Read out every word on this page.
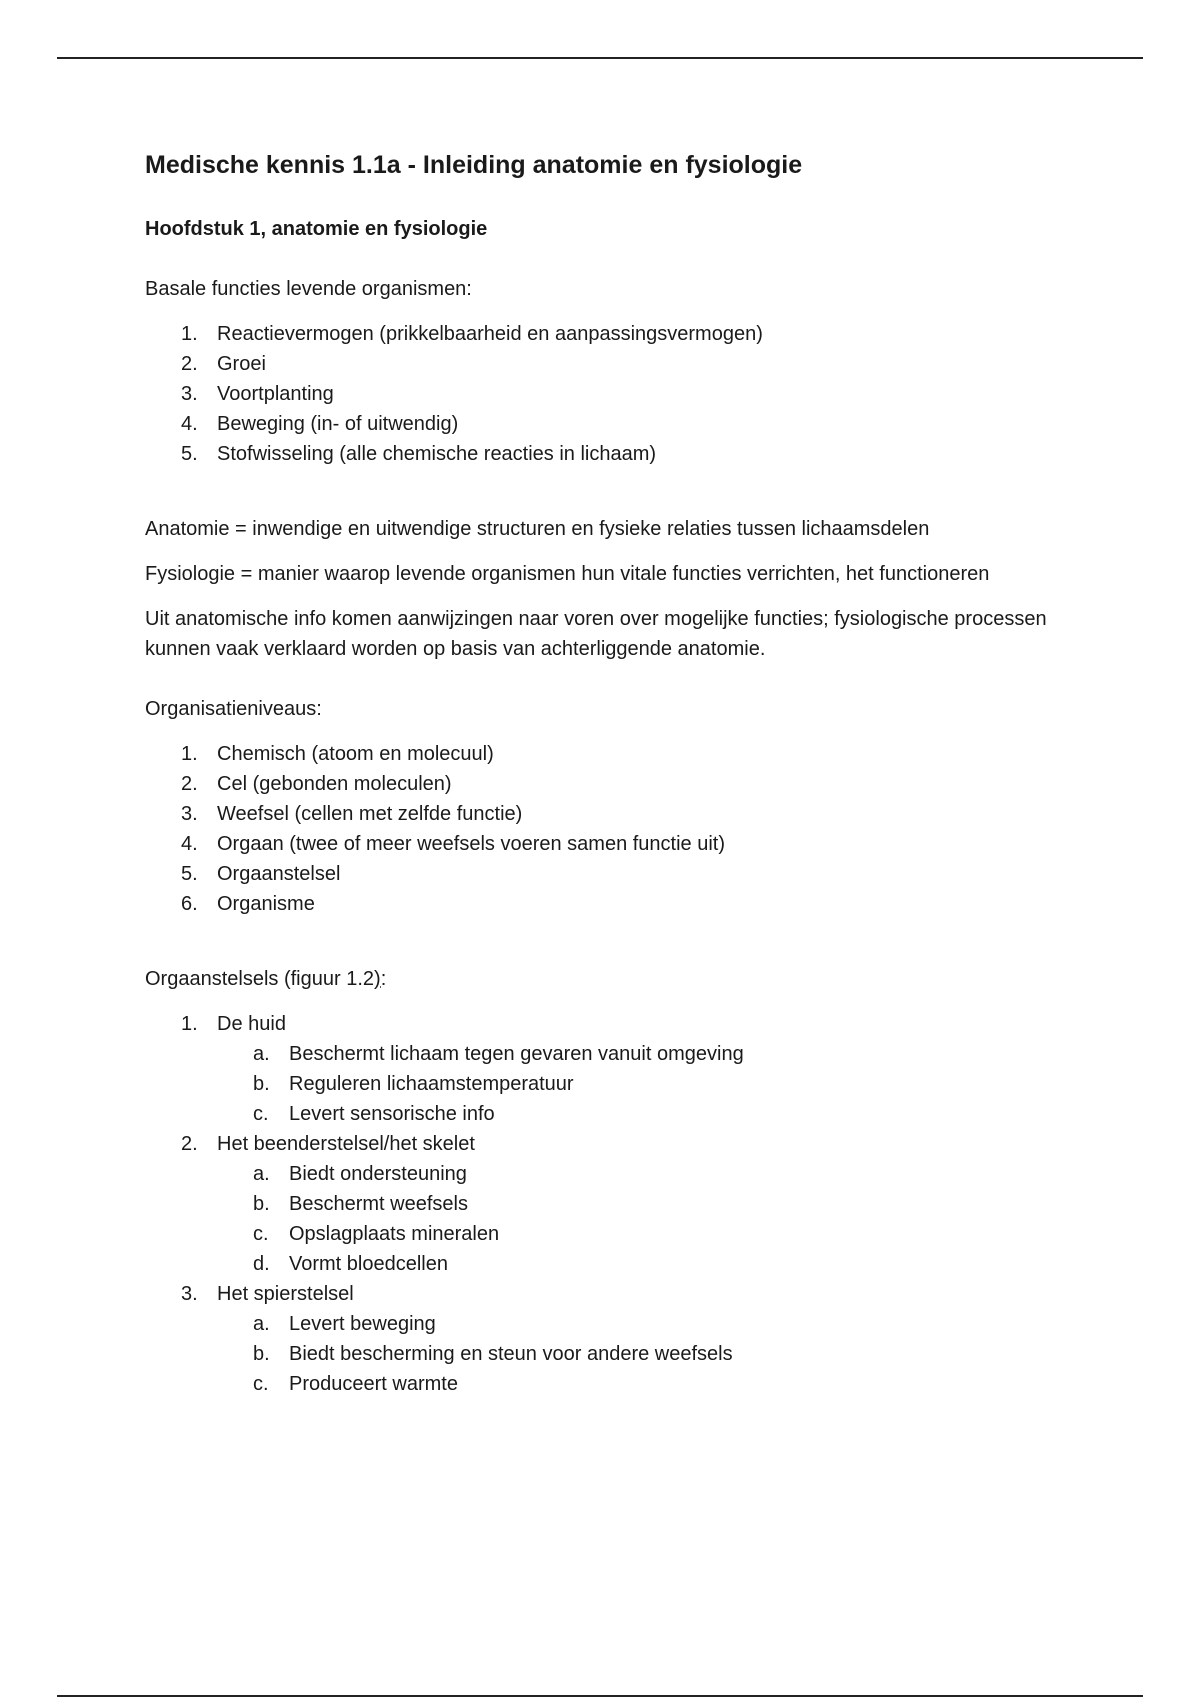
Medische kennis 1.1a - Inleiding anatomie en fysiologie

Hoofdstuk 1, anatomie en fysiologie

Basale functies levende organismen:

1. Reactievermogen (prikkelbaarheid en aanpassingsvermogen)
2. Groei
3. Voortplanting
4. Beweging (in- of uitwendig)
5. Stofwisseling (alle chemische reacties in lichaam)

Anatomie = inwendige en uitwendige structuren en fysieke relaties tussen lichaamsdelen

Fysiologie = manier waarop levende organismen hun vitale functies verrichten, het functioneren

Uit anatomische info komen aanwijzingen naar voren over mogelijke functies; fysiologische processen kunnen vaak verklaard worden op basis van achterliggende anatomie.

Organisatieniveaus:

1. Chemisch (atoom en molecuul)
2. Cel (gebonden moleculen)
3. Weefsel (cellen met zelfde functie)
4. Orgaan (twee of meer weefsels voeren samen functie uit)
5. Orgaanstelsel
6. Organisme

Orgaanstelsels (figuur 1.2):

1. De huid
a. Beschermt lichaam tegen gevaren vanuit omgeving
b. Reguleren lichaamstemperatuur
c. Levert sensorische info
2. Het beenderstelsel/het skelet
a. Biedt ondersteuning
b. Beschermt weefsels
c. Opslagplaats mineralen
d. Vormt bloedcellen
3. Het spierstelsel
a. Levert beweging
b. Biedt bescherming en steun voor andere weefsels
c. Produceert warmte
